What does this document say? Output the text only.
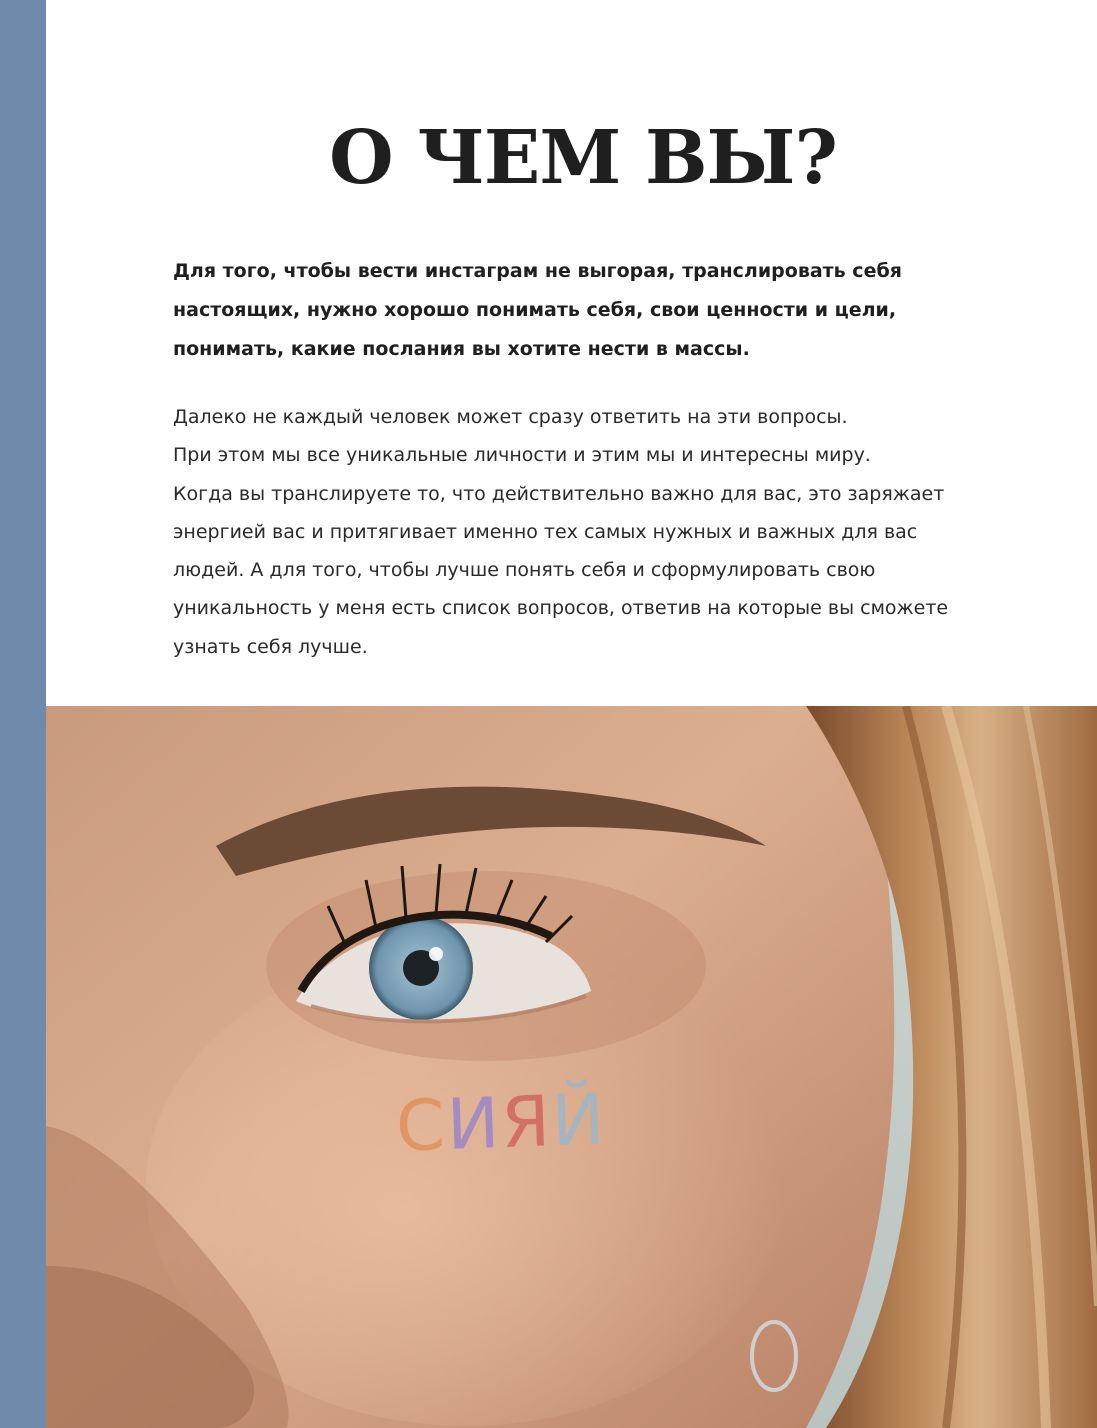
О ЧЕМ ВЫ?

Для того, чтобы вести инстаграм не выгорая, транслировать себя
настоящих, нужно хорошо понимать себя, свои ценности и цели,
понимать, какие послания вы хотите нести в массы.

Далеко не каждый человек может сразу ответить на эти вопросы.
При этом мы все уникальные личности и этим мы и интересны миру.
Когда вы транслируете то, что действительно важно для вас, это заряжает
энергией вас и притягивает именно тех самых нужных и важных для вас
людей. А для того, чтобы лучше понять себя и сформулировать свою
уникальность у меня есть список вопросов, ответив на которые вы сможете
узнать себя лучше.

СИЯЙ
